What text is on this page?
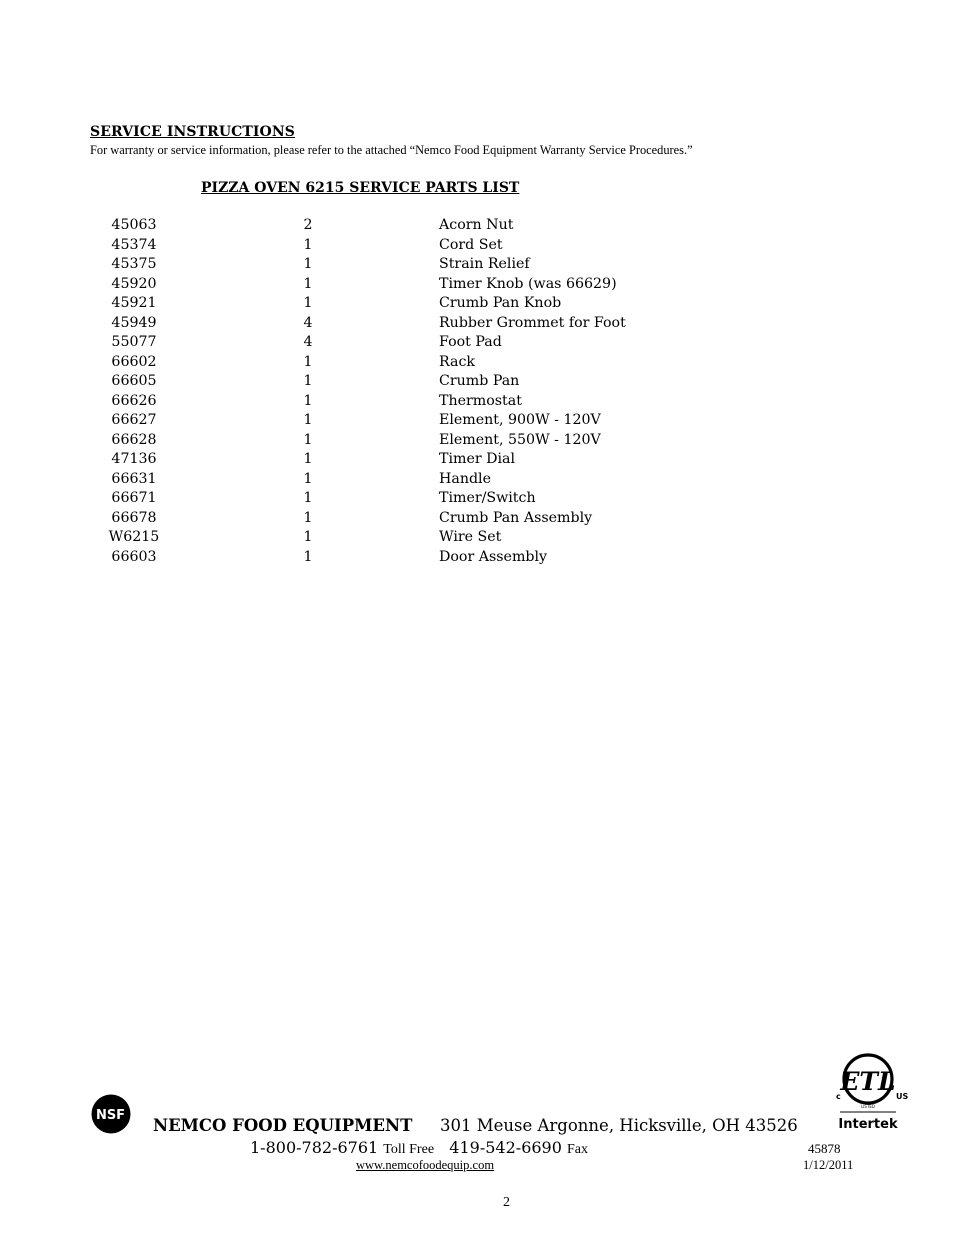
SERVICE INSTRUCTIONS
For warranty or service information, please refer to the attached “Nemco Food Equipment Warranty Service Procedures.”
PIZZA OVEN 6215 SERVICE PARTS LIST
45063	2	Acorn Nut
45374	1	Cord Set
45375	1	Strain Relief
45920	1	Timer Knob (was 66629)
45921	1	Crumb Pan Knob
45949	4	Rubber Grommet for Foot
55077	4	Foot Pad
66602	1	Rack
66605	1	Crumb Pan
66626	1	Thermostat
66627	1	Element, 900W - 120V
66628	1	Element, 550W - 120V
47136	1	Timer Dial
66631	1	Handle
66671	1	Timer/Switch
66678	1	Crumb Pan Assembly
W6215	1	Wire Set
66603	1	Door Assembly
NSF
ETL
c	US
LISTED
Intertek
NEMCO FOOD EQUIPMENT 301 Meuse Argonne, Hicksville, OH 43526
1-800-782-6761 Toll Free 419-542-6690 Fax	45878
www.nemcofoodequip.com	1/12/2011
2
